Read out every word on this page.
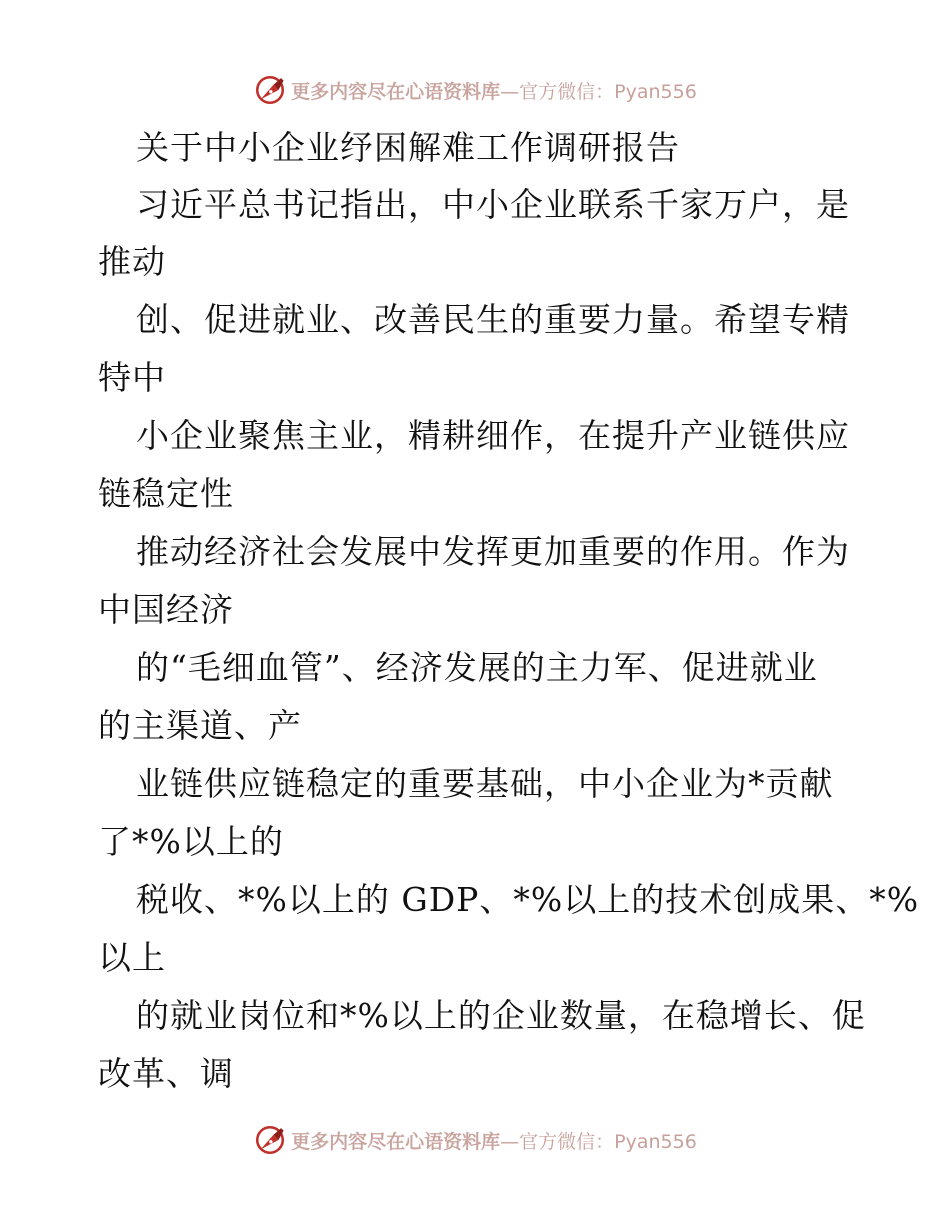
更多内容尽在心语资料库 —官方微信：Pyan556
关于中小企业纾困解难工作调研报告
习近平总书记指出，中小企业联系千家万户，是
推动
创、促进就业、改善民生的重要力量。希望专精
特中
小企业聚焦主业，精耕细作，在提升产业链供应
链稳定性
推动经济社会发展中发挥更加重要的作用。作为
中国经济
的“毛细血管”、经济发展的主力军、促进就业
的主渠道、产
业链供应链稳定的重要基础，中小企业为*贡献
了*%以上的
税收、*%以上的 GDP、*%以上的技术创成果、*%
以上
的就业岗位和*%以上的企业数量，在稳增长、促
改革、调
更多内容尽在心语资料库 —官方微信：Pyan556
